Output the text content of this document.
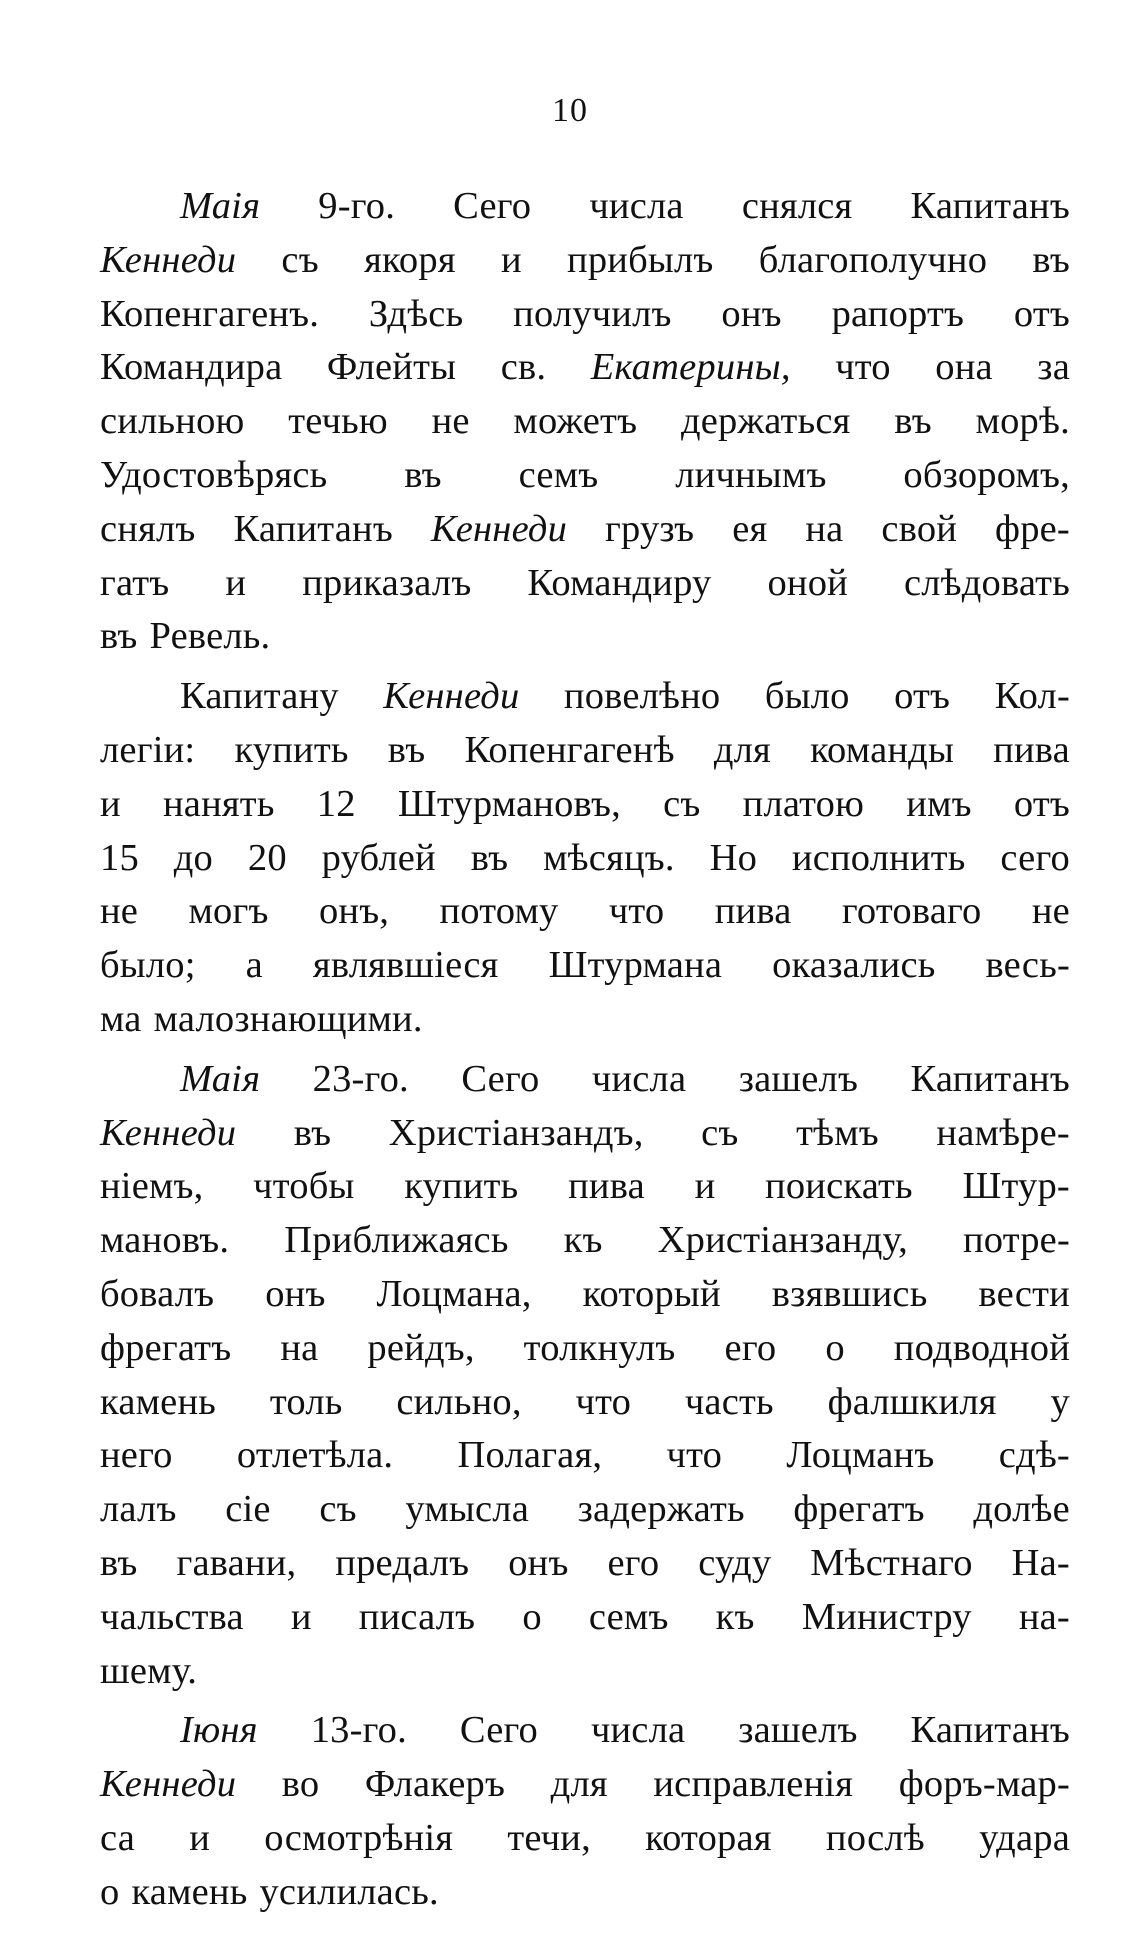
10
Маія 9-го. Сего числа снялся Капитанъ
Кеннеди съ якоря и прибылъ благополучно въ
Копенгагенъ. Здѣсь получилъ онъ рапортъ отъ
Командира Флейты св. Екатерины, что она за
сильною течью не можетъ держаться въ морѣ.
Удостовѣрясь въ семъ личнымъ обзоромъ,
снялъ Капитанъ Кеннеди грузъ ея на свой фре-
гатъ и приказалъ Командиру оной слѣдовать
въ Ревель.
Капитану Кеннеди повелѣно было отъ Кол-
легіи: купить въ Копенгагенѣ для команды пива
и нанять 12 Штурмановъ, съ платою имъ отъ
15 до 20 рублей въ мѣсяцъ. Но исполнить сего
не могъ онъ, потому что пива готоваго не
было; а являвшіеся Штурмана оказались весь-
ма малознающими.
Маія 23-го. Сего числа зашелъ Капитанъ
Кеннеди въ Христіанзандъ, съ тѣмъ намѣре-
ніемъ, чтобы купить пива и поискать Штур-
мановъ. Приближаясь къ Христіанзанду, потре-
бовалъ онъ Лоцмана, который взявшись вести
фрегатъ на рейдъ, толкнулъ его о подводной
камень толь сильно, что часть фалшкиля у
него отлетѣла. Полагая, что Лоцманъ сдѣ-
лалъ сіе съ умысла задержать фрегатъ долѣе
въ гавани, предалъ онъ его суду Мѣстнаго На-
чальства и писалъ о семъ къ Министру на-
шему.
Іюня 13-го. Сего числа зашелъ Капитанъ
Кеннеди во Флакеръ для исправленія форъ-мар-
са и осмотрѣнія течи, которая послѣ удара
о камень усилилась.
